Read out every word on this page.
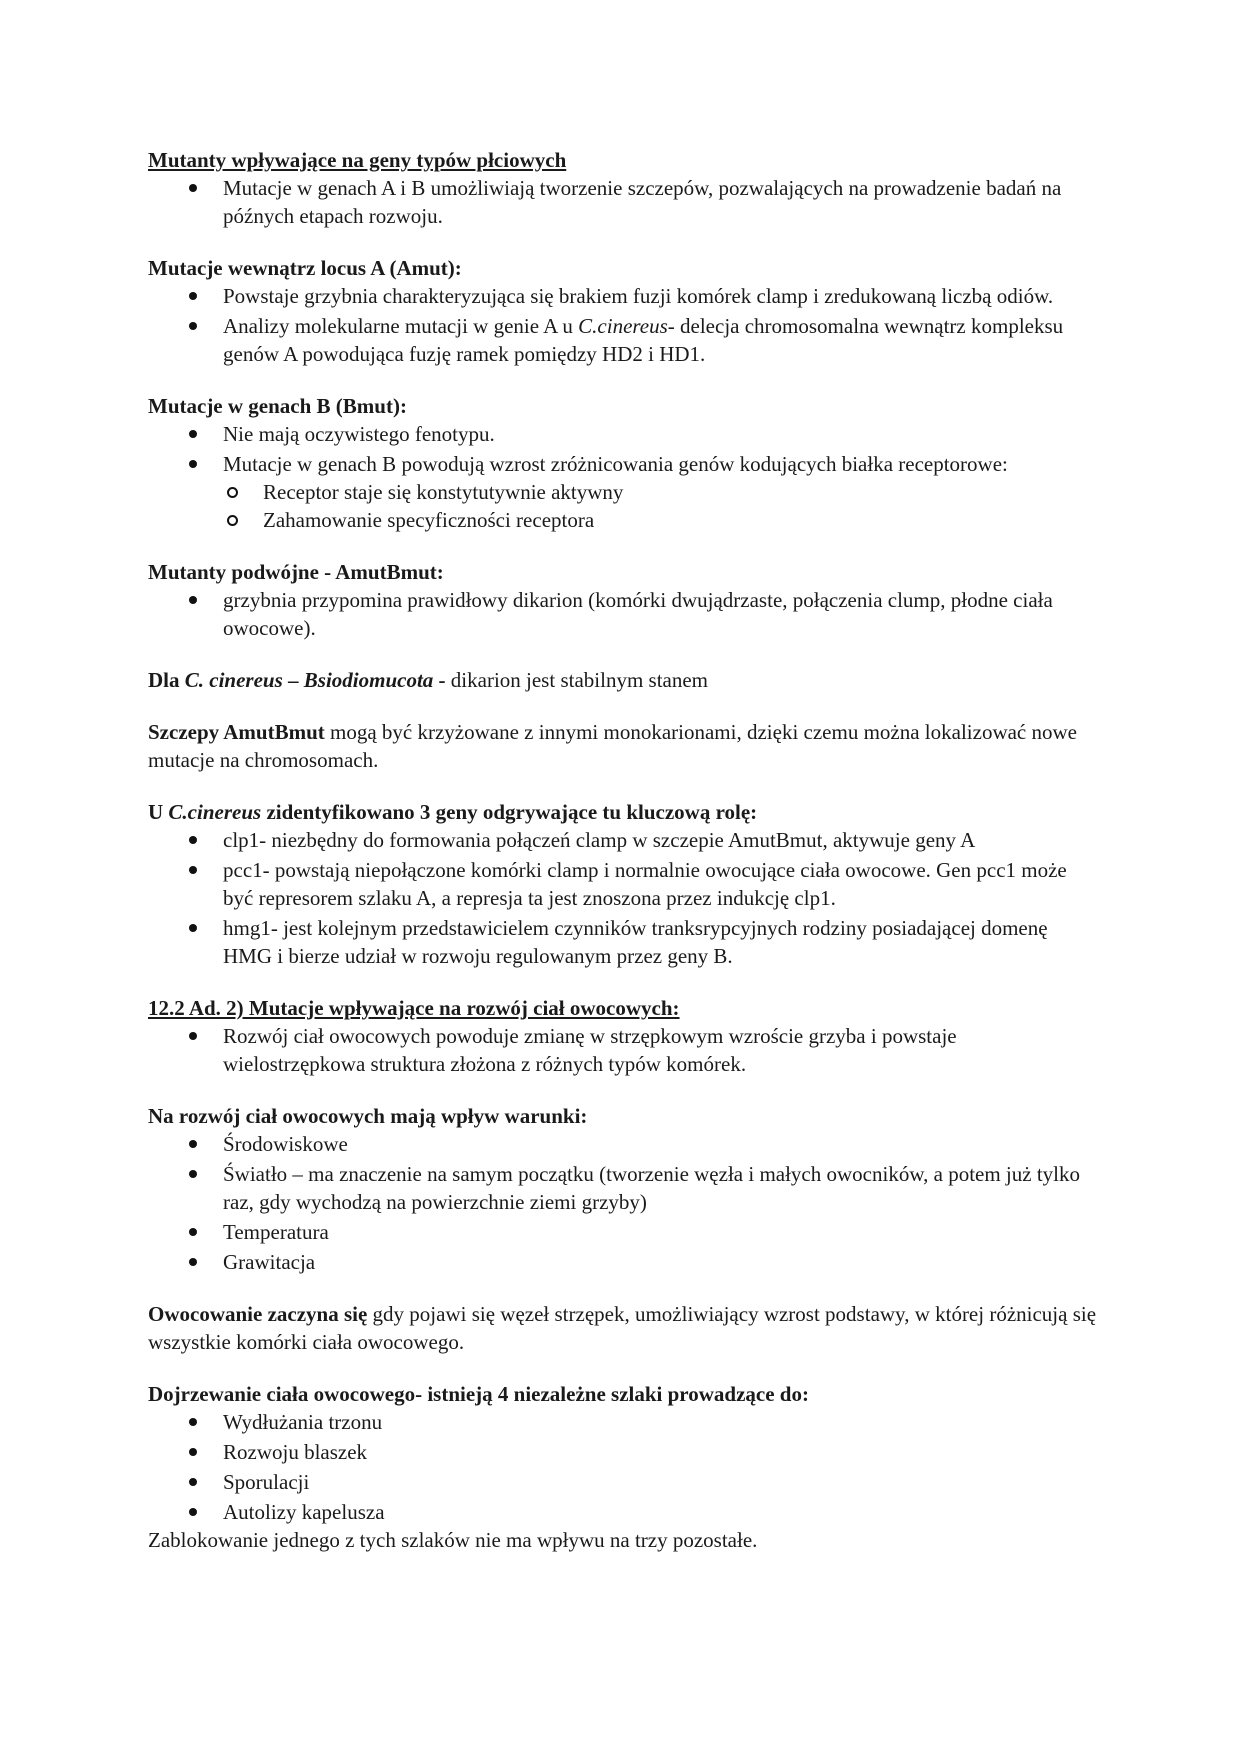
Mutanty wpływające na geny typów płciowych

Mutacje w genach A i B umożliwiają tworzenie szczepów, pozwalających na prowadzenie badań na późnych etapach rozwoju.

Mutacje wewnątrz locus A (Amut):

Powstaje grzybnia charakteryzująca się brakiem fuzji komórek clamp i zredukowaną liczbą odiów.
Analizy molekularne mutacji w genie A u C.cinereus- delecja chromosomalna wewnątrz kompleksu genów A powodująca fuzję ramek pomiędzy HD2 i HD1.

Mutacje w genach B (Bmut):

Nie mają oczywistego fenotypu.
Mutacje w genach B powodują wzrost zróżnicowania genów kodujących białka receptorowe:
Receptor staje się konstytutywnie aktywny
Zahamowanie specyficzności receptora

Mutanty podwójne - AmutBmut:

grzybnia przypomina prawidłowy dikarion (komórki dwujądrzaste, połączenia clump, płodne ciała owocowe).

Dla C. cinereus – Bsiodiomucota - dikarion jest stabilnym stanem

Szczepy AmutBmut mogą być krzyżowane z innymi monokarionami, dzięki czemu można lokalizować nowe mutacje na chromosomach.

U C.cinereus zidentyfikowano 3 geny odgrywające tu kluczową rolę:

clp1- niezbędny do formowania połączeń clamp w szczepie AmutBmut, aktywuje geny A
pcc1- powstają niepołączone komórki clamp i normalnie owocujące ciała owocowe. Gen pcc1 może być represorem szlaku A, a represja ta jest znoszona przez indukcję clp1.
hmg1- jest kolejnym przedstawicielem czynników tranksrypcyjnych rodziny posiadającej domenę HMG i bierze udział w rozwoju regulowanym przez geny B.

12.2 Ad. 2) Mutacje wpływające na rozwój ciał owocowych:

Rozwój ciał owocowych powoduje zmianę w strzępkowym wzroście grzyba i powstaje wielostrzępkowa struktura złożona z różnych typów komórek.

Na rozwój ciał owocowych mają wpływ warunki:

Środowiskowe
Światło – ma znaczenie na samym początku (tworzenie węzła i małych owocników, a potem już tylko raz, gdy wychodzą na powierzchnie ziemi grzyby)
Temperatura
Grawitacja

Owocowanie zaczyna się gdy pojawi się węzeł strzępek, umożliwiający wzrost podstawy, w której różnicują się wszystkie komórki ciała owocowego.

Dojrzewanie ciała owocowego- istnieją 4 niezależne szlaki prowadzące do:

Wydłużania trzonu
Rozwoju blaszek
Sporulacji
Autolizy kapelusza

Zablokowanie jednego z tych szlaków nie ma wpływu na trzy pozostałe.
